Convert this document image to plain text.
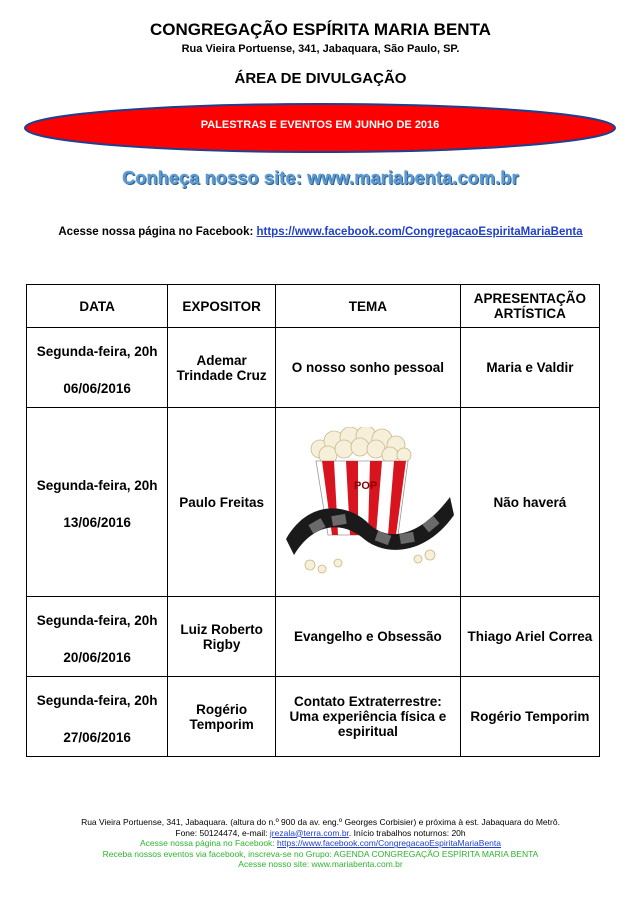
CONGREGAÇÃO ESPÍRITA MARIA BENTA
Rua Vieira Portuense, 341, Jabaquara, São Paulo, SP.
ÁREA DE DIVULGAÇÃO
PALESTRAS E EVENTOS EM JUNHO DE 2016
Conheça nosso site: www.mariabenta.com.br
Acesse nossa página no Facebook: https://www.facebook.com/CongregacaoEspiritaMariaBenta
DATA	EXPOSITOR	TEMA	APRESENTAÇÃO ARTÍSTICA

Segunda-feira, 20h
06/06/2016	Ademar Trindade Cruz	O nosso sonho pessoal	Maria e Valdir

Segunda-feira, 20h
13/06/2016	Paulo Freitas	POP	Não haverá

Segunda-feira, 20h
20/06/2016	Luiz Roberto Rigby	Evangelho e Obsessão	Thiago Ariel Correa

Segunda-feira, 20h
27/06/2016	Rogério Temporim	Contato Extraterrestre: Uma experiência física e espiritual	Rogério Temporim
Rua Vieira Portuense, 341, Jabaquara. (altura do n.º 900 da av. eng.º Georges Corbisier) e próxima à est. Jabaquara do Metrô.
Fone: 50124474, e-mail: jrezala@terra.com.br. Início trabalhos noturnos: 20h
Acesse nossa página no Facebook: https://www.facebook.com/CongregacaoEspiritaMariaBenta
Receba nossos eventos via facebook, inscreva-se no Grupo: AGENDA CONGREGAÇÃO ESPÍRITA MARIA BENTA
Acesse nosso site: www.mariabenta.com.br
